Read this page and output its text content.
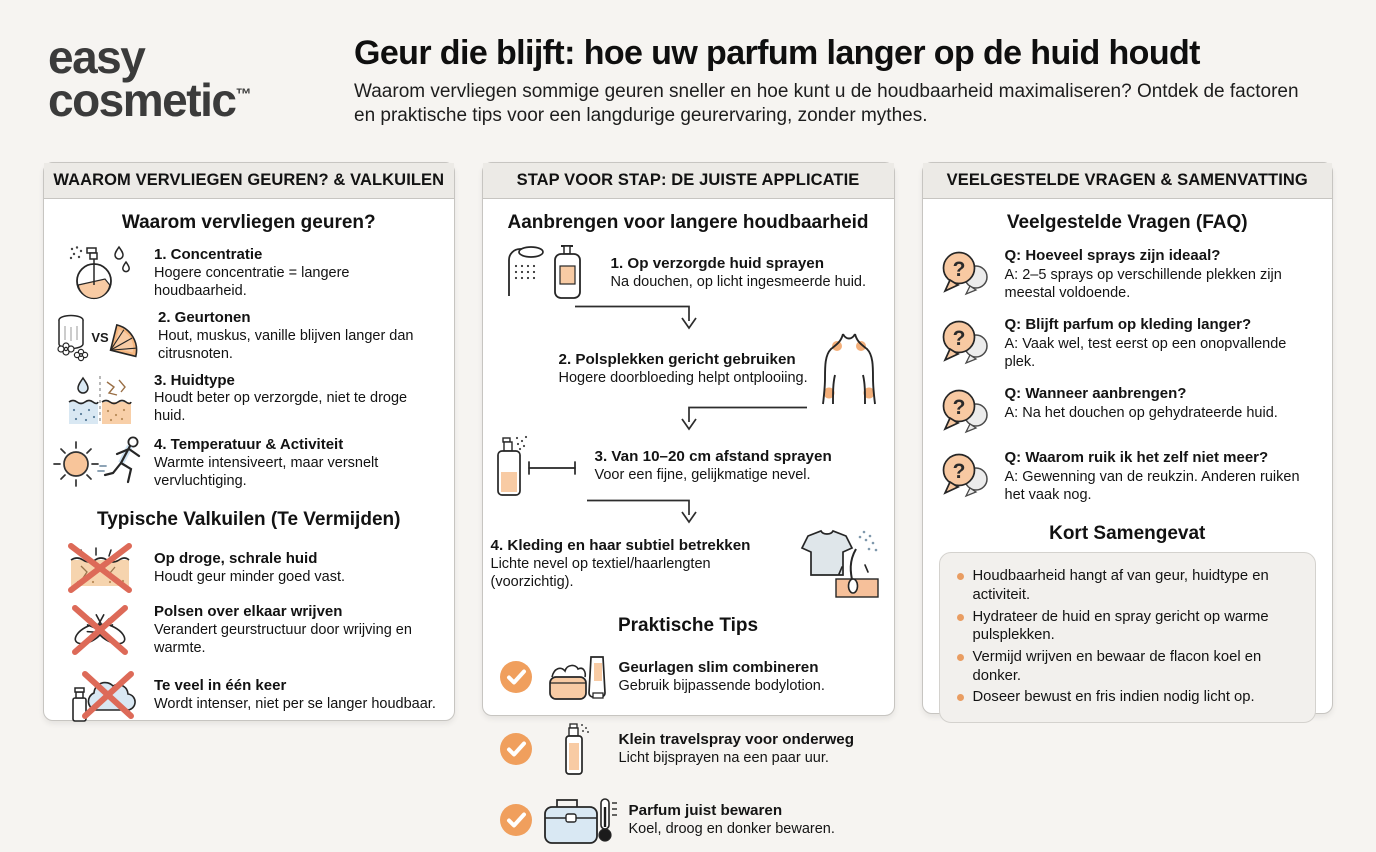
easy
cosmetic™
Geur die blijft: hoe uw parfum langer op de huid houdt

Waarom vervliegen sommige geuren sneller en hoe kunt u de houdbaarheid maximaliseren? Ontdek de factoren en praktische tips voor een langdurige geurervaring, zonder mythes.

WAAROM VERVLIEGEN GEUREN? & VALKUILEN
Waarom vervliegen geuren?
1. Concentratie
Hogere concentratie = langere houdbaarheid.
VS
2. Geurtonen
Hout, muskus, vanille blijven langer dan citrusnoten.
3. Huidtype
Houdt beter op verzorgde, niet te droge huid.
4. Temperatuur & Activiteit
Warmte intensiveert, maar versnelt vervluchtiging.
Typische Valkuilen (Te Vermijden)
Op droge, schrale huid
Houdt geur minder goed vast.
Polsen over elkaar wrijven
Verandert geurstructuur door wrijving en warmte.
Te veel in één keer
Wordt intenser, niet per se langer houdbaar.
STAP VOOR STAP: DE JUISTE APPLICATIE
Aanbrengen voor langere houdbaarheid
1. Op verzorgde huid sprayen
Na douchen, op licht ingesmeerde huid.
2. Polsplekken gericht gebruiken
Hogere doorbloeding helpt ontplooiing.
3. Van 10–20 cm afstand sprayen
Voor een fijne, gelijkmatige nevel.
4. Kleding en haar subtiel betrekken
Lichte nevel op textiel/haarlengten (voorzichtig).
Praktische Tips
Geurlagen slim combineren
Gebruik bijpassende bodylotion.
Klein travelspray voor onderweg
Licht bijsprayen na een paar uur.
Parfum juist bewaren
Koel, droog en donker bewaren.
VEELGESTELDE VRAGEN & SAMENVATTING
Veelgestelde Vragen (FAQ)
?
Q: Hoeveel sprays zijn ideaal?
A: 2–5 sprays op verschillende plekken zijn meestal voldoende.
?
Q: Blijft parfum op kleding langer?
A: Vaak wel, test eerst op een onopvallende plek.
?
Q: Wanneer aanbrengen?
A: Na het douchen op gehydrateerde huid.
?
Q: Waarom ruik ik het zelf niet meer?
A: Gewenning van de reukzin. Anderen ruiken het vaak nog.
Kort Samengevat
Houdbaarheid hangt af van geur, huidtype en activiteit.
Hydrateer de huid en spray gericht op warme pulsplekken.
Vermijd wrijven en bewaar de flacon koel en donker.
Doseer bewust en fris indien nodig licht op.
